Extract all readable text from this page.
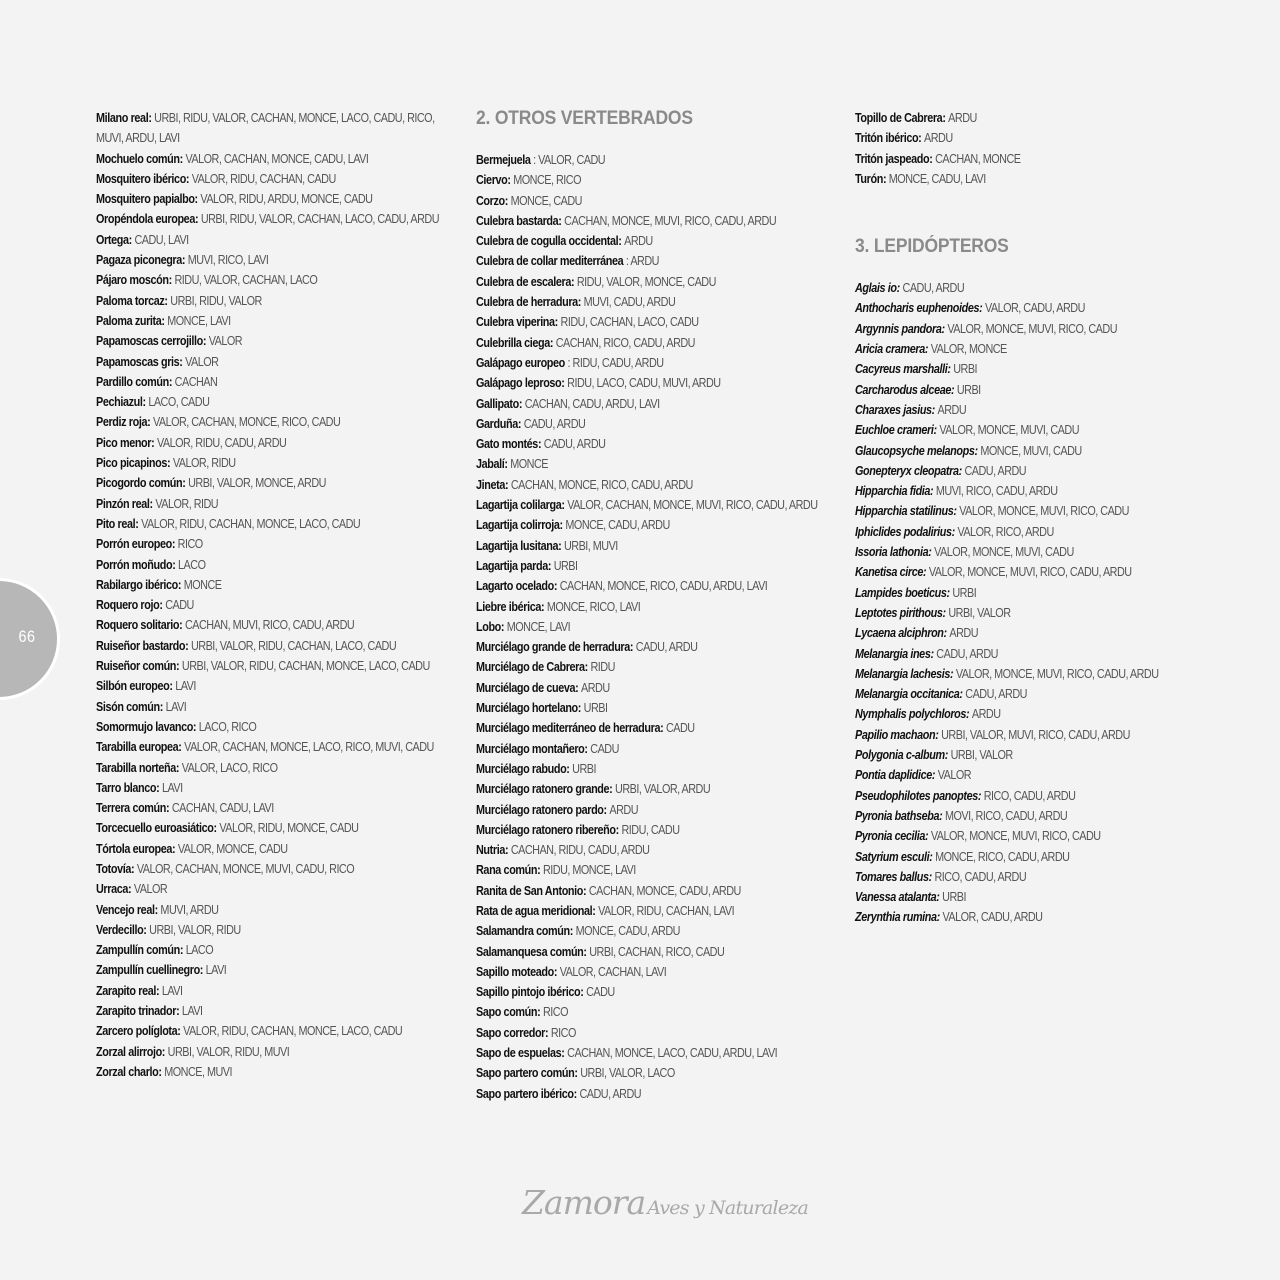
66
Milano real: URBI, RIDU, VALOR, CACHAN, MONCE, LACO, CADU, RICO, MUVI, ARDU, LAVI
Mochuelo común: VALOR, CACHAN, MONCE, CADU, LAVI
Mosquitero ibérico: VALOR, RIDU, CACHAN, CADU
Mosquitero papialbo: VALOR, RIDU, ARDU, MONCE, CADU
Oropéndola europea: URBI, RIDU, VALOR, CACHAN, LACO, CADU, ARDU
Ortega: CADU, LAVI
Pagaza piconegra: MUVI, RICO, LAVI
Pájaro moscón: RIDU, VALOR, CACHAN, LACO
Paloma torcaz: URBI, RIDU, VALOR
Paloma zurita: MONCE, LAVI
Papamoscas cerrojillo: VALOR
Papamoscas gris: VALOR
Pardillo común: CACHAN
Pechiazul: LACO, CADU
Perdiz roja: VALOR, CACHAN, MONCE, RICO, CADU
Pico menor: VALOR, RIDU, CADU, ARDU
Pico picapinos: VALOR, RIDU
Picogordo común: URBI, VALOR, MONCE, ARDU
Pinzón real: VALOR, RIDU
Pito real: VALOR, RIDU, CACHAN, MONCE, LACO, CADU
Porrón europeo: RICO
Porrón moñudo: LACO
Rabilargo ibérico: MONCE
Roquero rojo: CADU
Roquero solitario: CACHAN, MUVI, RICO, CADU, ARDU
Ruiseñor bastardo: URBI, VALOR, RIDU, CACHAN, LACO, CADU
Ruiseñor común: URBI, VALOR, RIDU, CACHAN, MONCE, LACO, CADU
Silbón europeo: LAVI
Sisón común: LAVI
Somormujo lavanco: LACO, RICO
Tarabilla europea: VALOR, CACHAN, MONCE, LACO, RICO, MUVI, CADU
Tarabilla norteña: VALOR, LACO, RICO
Tarro blanco: LAVI
Terrera común: CACHAN, CADU, LAVI
Torcecuello euroasiático: VALOR, RIDU, MONCE, CADU
Tórtola europea: VALOR, MONCE, CADU
Totovía: VALOR, CACHAN, MONCE, MUVI, CADU, RICO
Urraca: VALOR
Vencejo real: MUVI, ARDU
Verdecillo: URBI, VALOR, RIDU
Zampullín común: LACO
Zampullín cuellinegro: LAVI
Zarapito real: LAVI
Zarapito trinador: LAVI
Zarcero políglota: VALOR, RIDU, CACHAN, MONCE, LACO, CADU
Zorzal alirrojo: URBI, VALOR, RIDU, MUVI
Zorzal charlo: MONCE, MUVI
2. OTROS VERTEBRADOS
Bermejuela : VALOR, CADU
Ciervo: MONCE, RICO
Corzo: MONCE, CADU
Culebra bastarda: CACHAN, MONCE, MUVI, RICO, CADU, ARDU
Culebra de cogulla occidental: ARDU
Culebra de collar mediterránea : ARDU
Culebra de escalera: RIDU, VALOR, MONCE, CADU
Culebra de herradura: MUVI, CADU, ARDU
Culebra viperina: RIDU, CACHAN, LACO, CADU
Culebrilla ciega: CACHAN, RICO, CADU, ARDU
Galápago europeo : RIDU, CADU, ARDU
Galápago leproso: RIDU, LACO, CADU, MUVI, ARDU
Gallipato: CACHAN, CADU, ARDU, LAVI
Garduña: CADU, ARDU
Gato montés: CADU, ARDU
Jabalí: MONCE
Jineta: CACHAN, MONCE, RICO, CADU, ARDU
Lagartija colilarga: VALOR, CACHAN, MONCE, MUVI, RICO, CADU, ARDU
Lagartija colirroja: MONCE, CADU, ARDU
Lagartija lusitana: URBI, MUVI
Lagartija parda: URBI
Lagarto ocelado: CACHAN, MONCE, RICO, CADU, ARDU, LAVI
Liebre ibérica: MONCE, RICO, LAVI
Lobo: MONCE, LAVI
Murciélago grande de herradura: CADU, ARDU
Murciélago de Cabrera: RIDU
Murciélago de cueva: ARDU
Murciélago hortelano: URBI
Murciélago mediterráneo de herradura: CADU
Murciélago montañero: CADU
Murciélago rabudo: URBI
Murciélago ratonero grande: URBI, VALOR, ARDU
Murciélago ratonero pardo: ARDU
Murciélago ratonero ribereño: RIDU, CADU
Nutria: CACHAN, RIDU, CADU, ARDU
Rana común: RIDU, MONCE, LAVI
Ranita de San Antonio: CACHAN, MONCE, CADU, ARDU
Rata de agua meridional: VALOR, RIDU, CACHAN, LAVI
Salamandra común: MONCE, CADU, ARDU
Salamanquesa común: URBI, CACHAN, RICO, CADU
Sapillo moteado: VALOR, CACHAN, LAVI
Sapillo pintojo ibérico: CADU
Sapo común: RICO
Sapo corredor: RICO
Sapo de espuelas: CACHAN, MONCE, LACO, CADU, ARDU, LAVI
Sapo partero común: URBI, VALOR, LACO
Sapo partero ibérico: CADU, ARDU
Topillo de Cabrera: ARDU
Tritón ibérico: ARDU
Tritón jaspeado: CACHAN, MONCE
Turón: MONCE, CADU, LAVI
3. LEPIDÓPTEROS
Aglais io: CADU, ARDU
Anthocharis euphenoides: VALOR, CADU, ARDU
Argynnis pandora: VALOR, MONCE, MUVI, RICO, CADU
Aricia cramera: VALOR, MONCE
Cacyreus marshalli: URBI
Carcharodus alceae: URBI
Charaxes jasius: ARDU
Euchloe crameri: VALOR, MONCE, MUVI, CADU
Glaucopsyche melanops: MONCE, MUVI, CADU
Gonepteryx cleopatra: CADU, ARDU
Hipparchia fidia: MUVI, RICO, CADU, ARDU
Hipparchia statilinus: VALOR, MONCE, MUVI, RICO, CADU
Iphiclides podalirius: VALOR, RICO, ARDU
Issoria lathonia: VALOR, MONCE, MUVI, CADU
Kanetisa circe: VALOR, MONCE, MUVI, RICO, CADU, ARDU
Lampides boeticus: URBI
Leptotes pirithous: URBI, VALOR
Lycaena alciphron: ARDU
Melanargia ines: CADU, ARDU
Melanargia lachesis: VALOR, MONCE, MUVI, RICO, CADU, ARDU
Melanargia occitanica: CADU, ARDU
Nymphalis polychloros: ARDU
Papilio machaon: URBI, VALOR, MUVI, RICO, CADU, ARDU
Polygonia c-album: URBI, VALOR
Pontia daplidice: VALOR
Pseudophilotes panoptes: RICO, CADU, ARDU
Pyronia bathseba: MOVI, RICO, CADU, ARDU
Pyronia cecilia: VALOR, MONCE, MUVI, RICO, CADU
Satyrium esculi: MONCE, RICO, CADU, ARDU
Tomares ballus: RICO, CADU, ARDU
Vanessa atalanta: URBI
Zerynthia rumina: VALOR, CADU, ARDU
Zamora Aves y Naturaleza
